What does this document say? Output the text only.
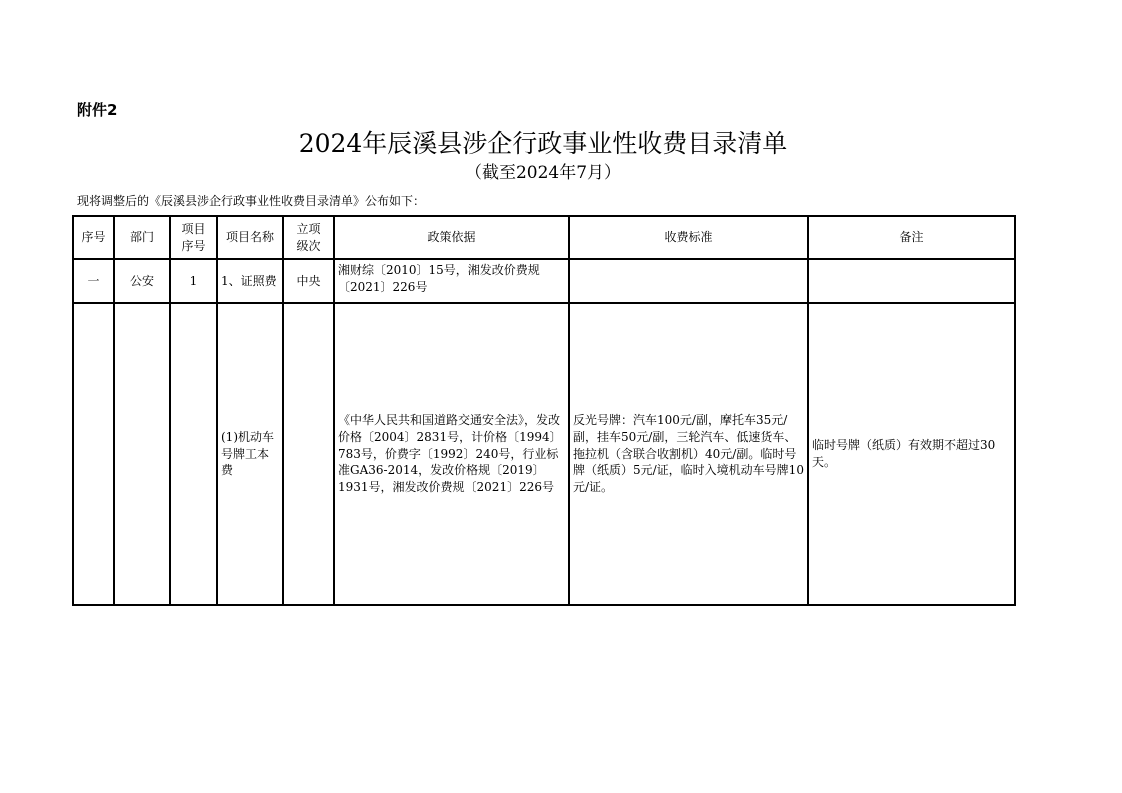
附件2
2024年辰溪县涉企行政事业性收费目录清单
（截至2024年7月）
现将调整后的《辰溪县涉企行政事业性收费目录清单》公布如下：
序号	部门	项目序号	项目名称	立项级次	政策依据	收费标准	备注
一	公安	1	1、证照费	中央	湘财综〔2010〕15号，湘发改价费规〔2021〕226号		
			(1)机动车号牌工本费		《中华人民共和国道路交通安全法》，发改价格〔2004〕2831号，计价格〔1994〕783号，价费字〔1992〕240号，行业标准GA36-2014，发改价格规〔2019〕1931号，湘发改价费规〔2021〕226号	反光号牌：汽车100元/副，摩托车35元/副，挂车50元/副，三轮汽车、低速货车、拖拉机（含联合收割机）40元/副。临时号牌（纸质）5元/证，临时入境机动车号牌10元/证。	临时号牌（纸质）有效期不超过30天。
